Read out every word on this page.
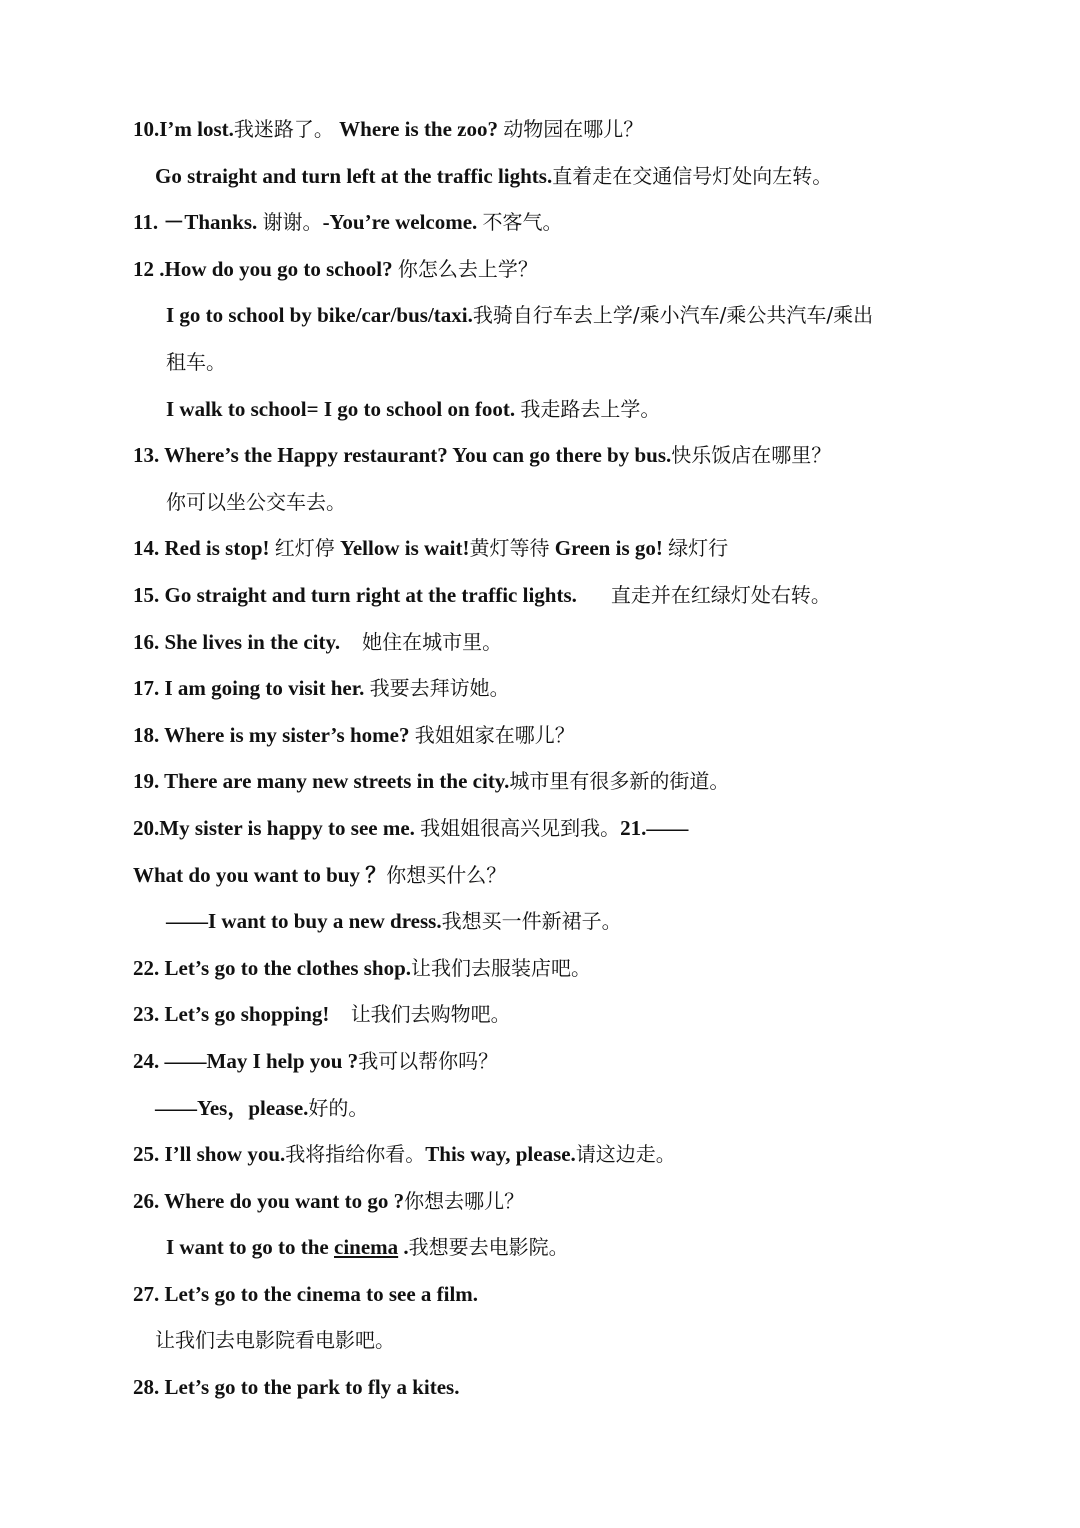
10.I’m lost.我迷路了。 Where is the zoo? 动物园在哪儿？
Go straight and turn left at the traffic lights.直着走在交通信号灯处向左转。
11. －Thanks. 谢谢。-You’re welcome. 不客气。
12 .How do you go to school? 你怎么去上学？
I go to school by bike/car/bus/taxi.我骑自行车去上学/乘小汽车/乘公共汽车/乘出
租车。
I walk to school= I go to school on foot. 我走路去上学。
13. Where’s the Happy restaurant? You can go there by bus.快乐饭店在哪里？
你可以坐公交车去。
14. Red is stop! 红灯停 Yellow is wait!黄灯等待 Green is go! 绿灯行
15. Go straight and turn right at the traffic lights. 直走并在红绿灯处右转。
16. She lives in the city. 她住在城市里。
17. I am going to visit her. 我要去拜访她。
18. Where is my sister’s home? 我姐姐家在哪儿？
19. There are many new streets in the city.城市里有很多新的街道。
20.My sister is happy to see me. 我姐姐很高兴见到我。21.——
What do you want to buy ？你想买什么？
——I want to buy a new dress.我想买一件新裙子。
22. Let’s go to the clothes shop.让我们去服装店吧。
23. Let’s go shopping! 让我们去购物吧。
24. ——May I help you ?我可以帮你吗？
——Yes，please.好的。
25. I’ll show you.我将指给你看。This way, please.请这边走。
26. Where do you want to go ?你想去哪儿？
I want to go to the cinema .我想要去电影院。
27. Let’s go to the cinema to see a film.
让我们去电影院看电影吧。
28. Let’s go to the park to fly a kites.
